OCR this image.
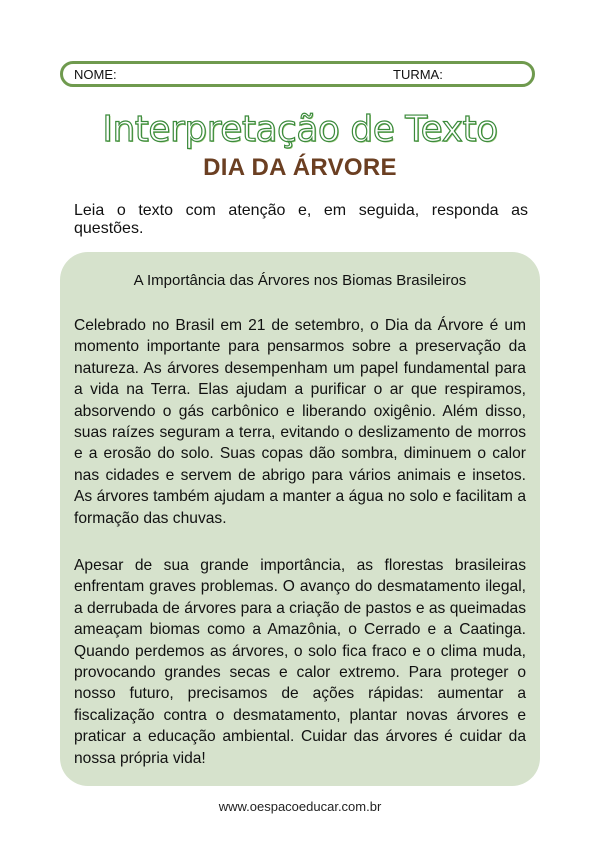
NOME:	TURMA:
Interpretação de Texto
DIA DA ÁRVORE
Leia o texto com atenção e, em seguida, responda as questões.
A Importância das Árvores nos Biomas Brasileiros
Celebrado no Brasil em 21 de setembro, o Dia da Árvore é um momento importante para pensarmos sobre a preservação da natureza. As árvores desempenham um papel fundamental para a vida na Terra. Elas ajudam a purificar o ar que respiramos, absorvendo o gás carbônico e liberando oxigênio. Além disso, suas raízes seguram a terra, evitando o deslizamento de morros e a erosão do solo. Suas copas dão sombra, diminuem o calor nas cidades e servem de abrigo para vários animais e insetos. As árvores também ajudam a manter a água no solo e facilitam a formação das chuvas.
Apesar de sua grande importância, as florestas brasileiras enfrentam graves problemas. O avanço do desmatamento ilegal, a derrubada de árvores para a criação de pastos e as queimadas ameaçam biomas como a Amazônia, o Cerrado e a Caatinga. Quando perdemos as árvores, o solo fica fraco e o clima muda, provocando grandes secas e calor extremo. Para proteger o nosso futuro, precisamos de ações rápidas: aumentar a fiscalização contra o desmatamento, plantar novas árvores e praticar a educação ambiental. Cuidar das árvores é cuidar da nossa própria vida!
www.oespacoeducar.com.br
